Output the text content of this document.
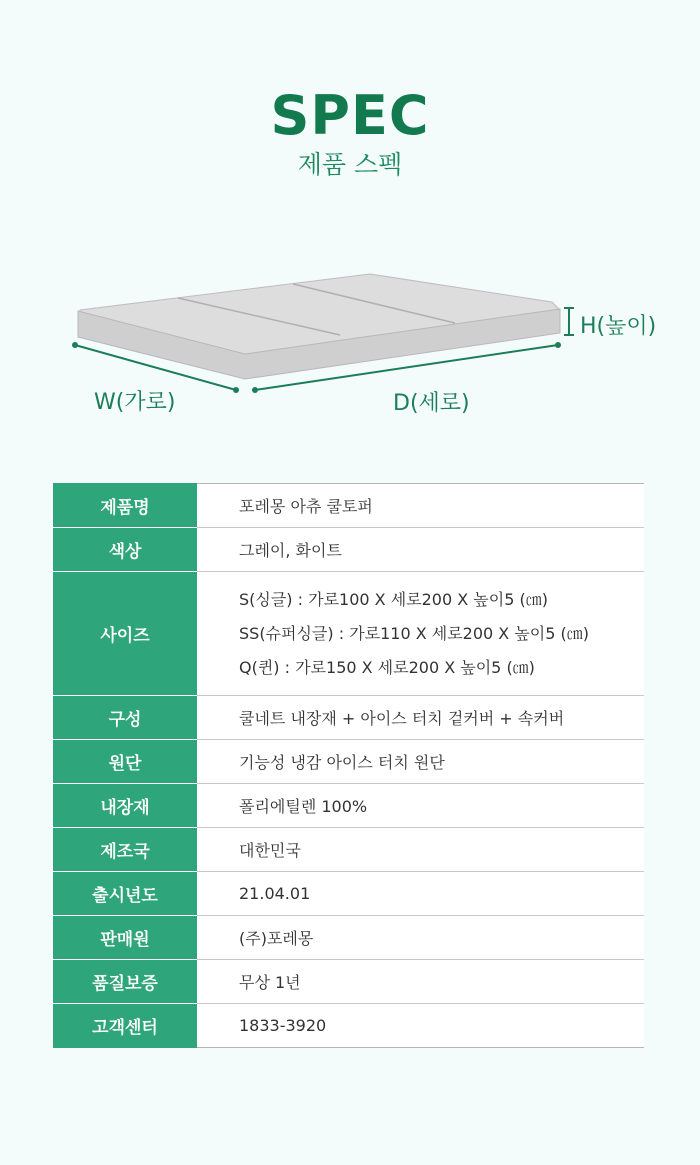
SPEC
제품 스펙
H(높이)
W(가로)	D(세로)
제품명	포레몽 아츄 쿨토퍼
색상	그레이, 화이트
사이즈	S(싱글) : 가로100 X 세로200 X 높이5 (㎝)
SS(슈퍼싱글) : 가로110 X 세로200 X 높이5 (㎝)
Q(퀸) : 가로150 X 세로200 X 높이5 (㎝)

구성	쿨네트 내장재 + 아이스 터치 겉커버 + 속커버
원단	기능성 냉감 아이스 터치 원단
내장재	폴리에틸렌 100%
제조국	대한민국
출시년도	21.04.01
판매원	(주)포레몽
품질보증	무상 1년
고객센터	1833-3920
